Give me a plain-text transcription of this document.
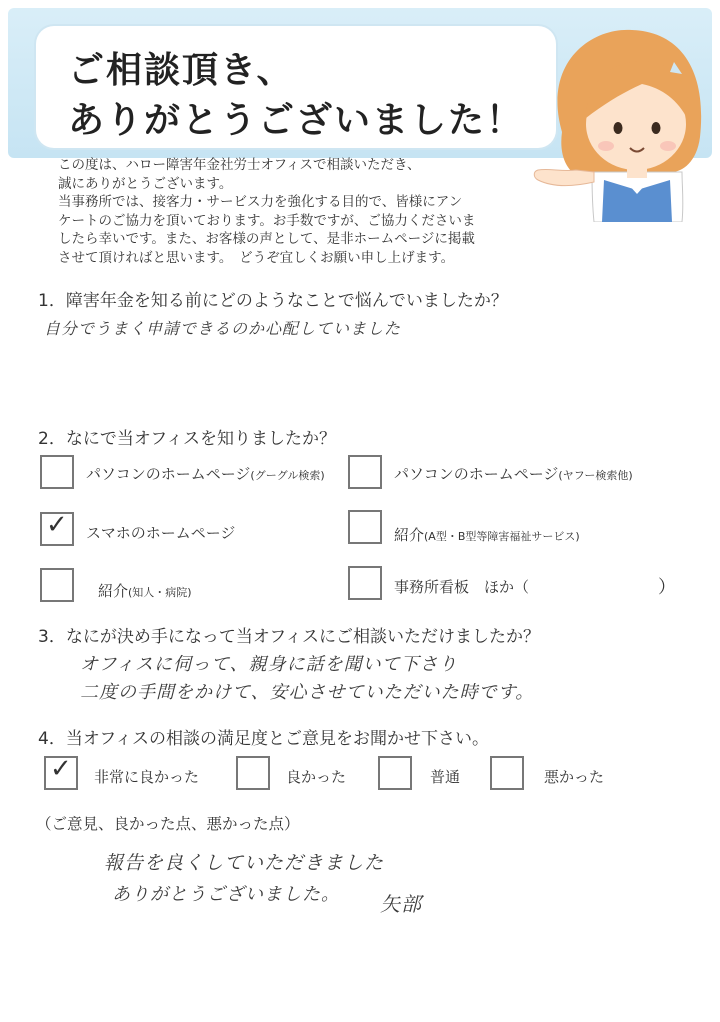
ご相談頂き、
ありがとうございました！

この度は、ハロー障害年金社労士オフィスで相談いただき、

誠にありがとうございます。

当事務所では、接客力・サービス力を強化する目的で、皆様にアン

ケートのご協力を頂いております。お手数ですが、ご協力くださいま

したら幸いです。また、お客様の声として、是非ホームページに掲載

させて頂ければと思います。　どうぞ宜しくお願い申し上げます。

1．障害年金を知る前にどのようなことで悩んでいましたか？
自分でうまく申請できるのか心配していました
2．なにで当オフィスを知りましたか？
パソコンのホームページ(グーグル検索)	パソコンのホームページ(ヤフー検索他)
✓ スマホのホームページ	紹介(A型・B型等障害福祉サービス)
紹介(知人・病院)	事務所看板　ほか（	）
3．なにが決め手になって当オフィスにご相談いただけましたか？
オフィスに伺って、親身に話を聞いて下さり
二度の手間をかけて、安心させていただいた時です。
4．当オフィスの相談の満足度とご意見をお聞かせ下さい。
✓ 非常に良かった	良かった	普通	悪かった
（ご意見、良かった点、悪かった点）
報告を良くしていただきました
ありがとうございました。 矢部
